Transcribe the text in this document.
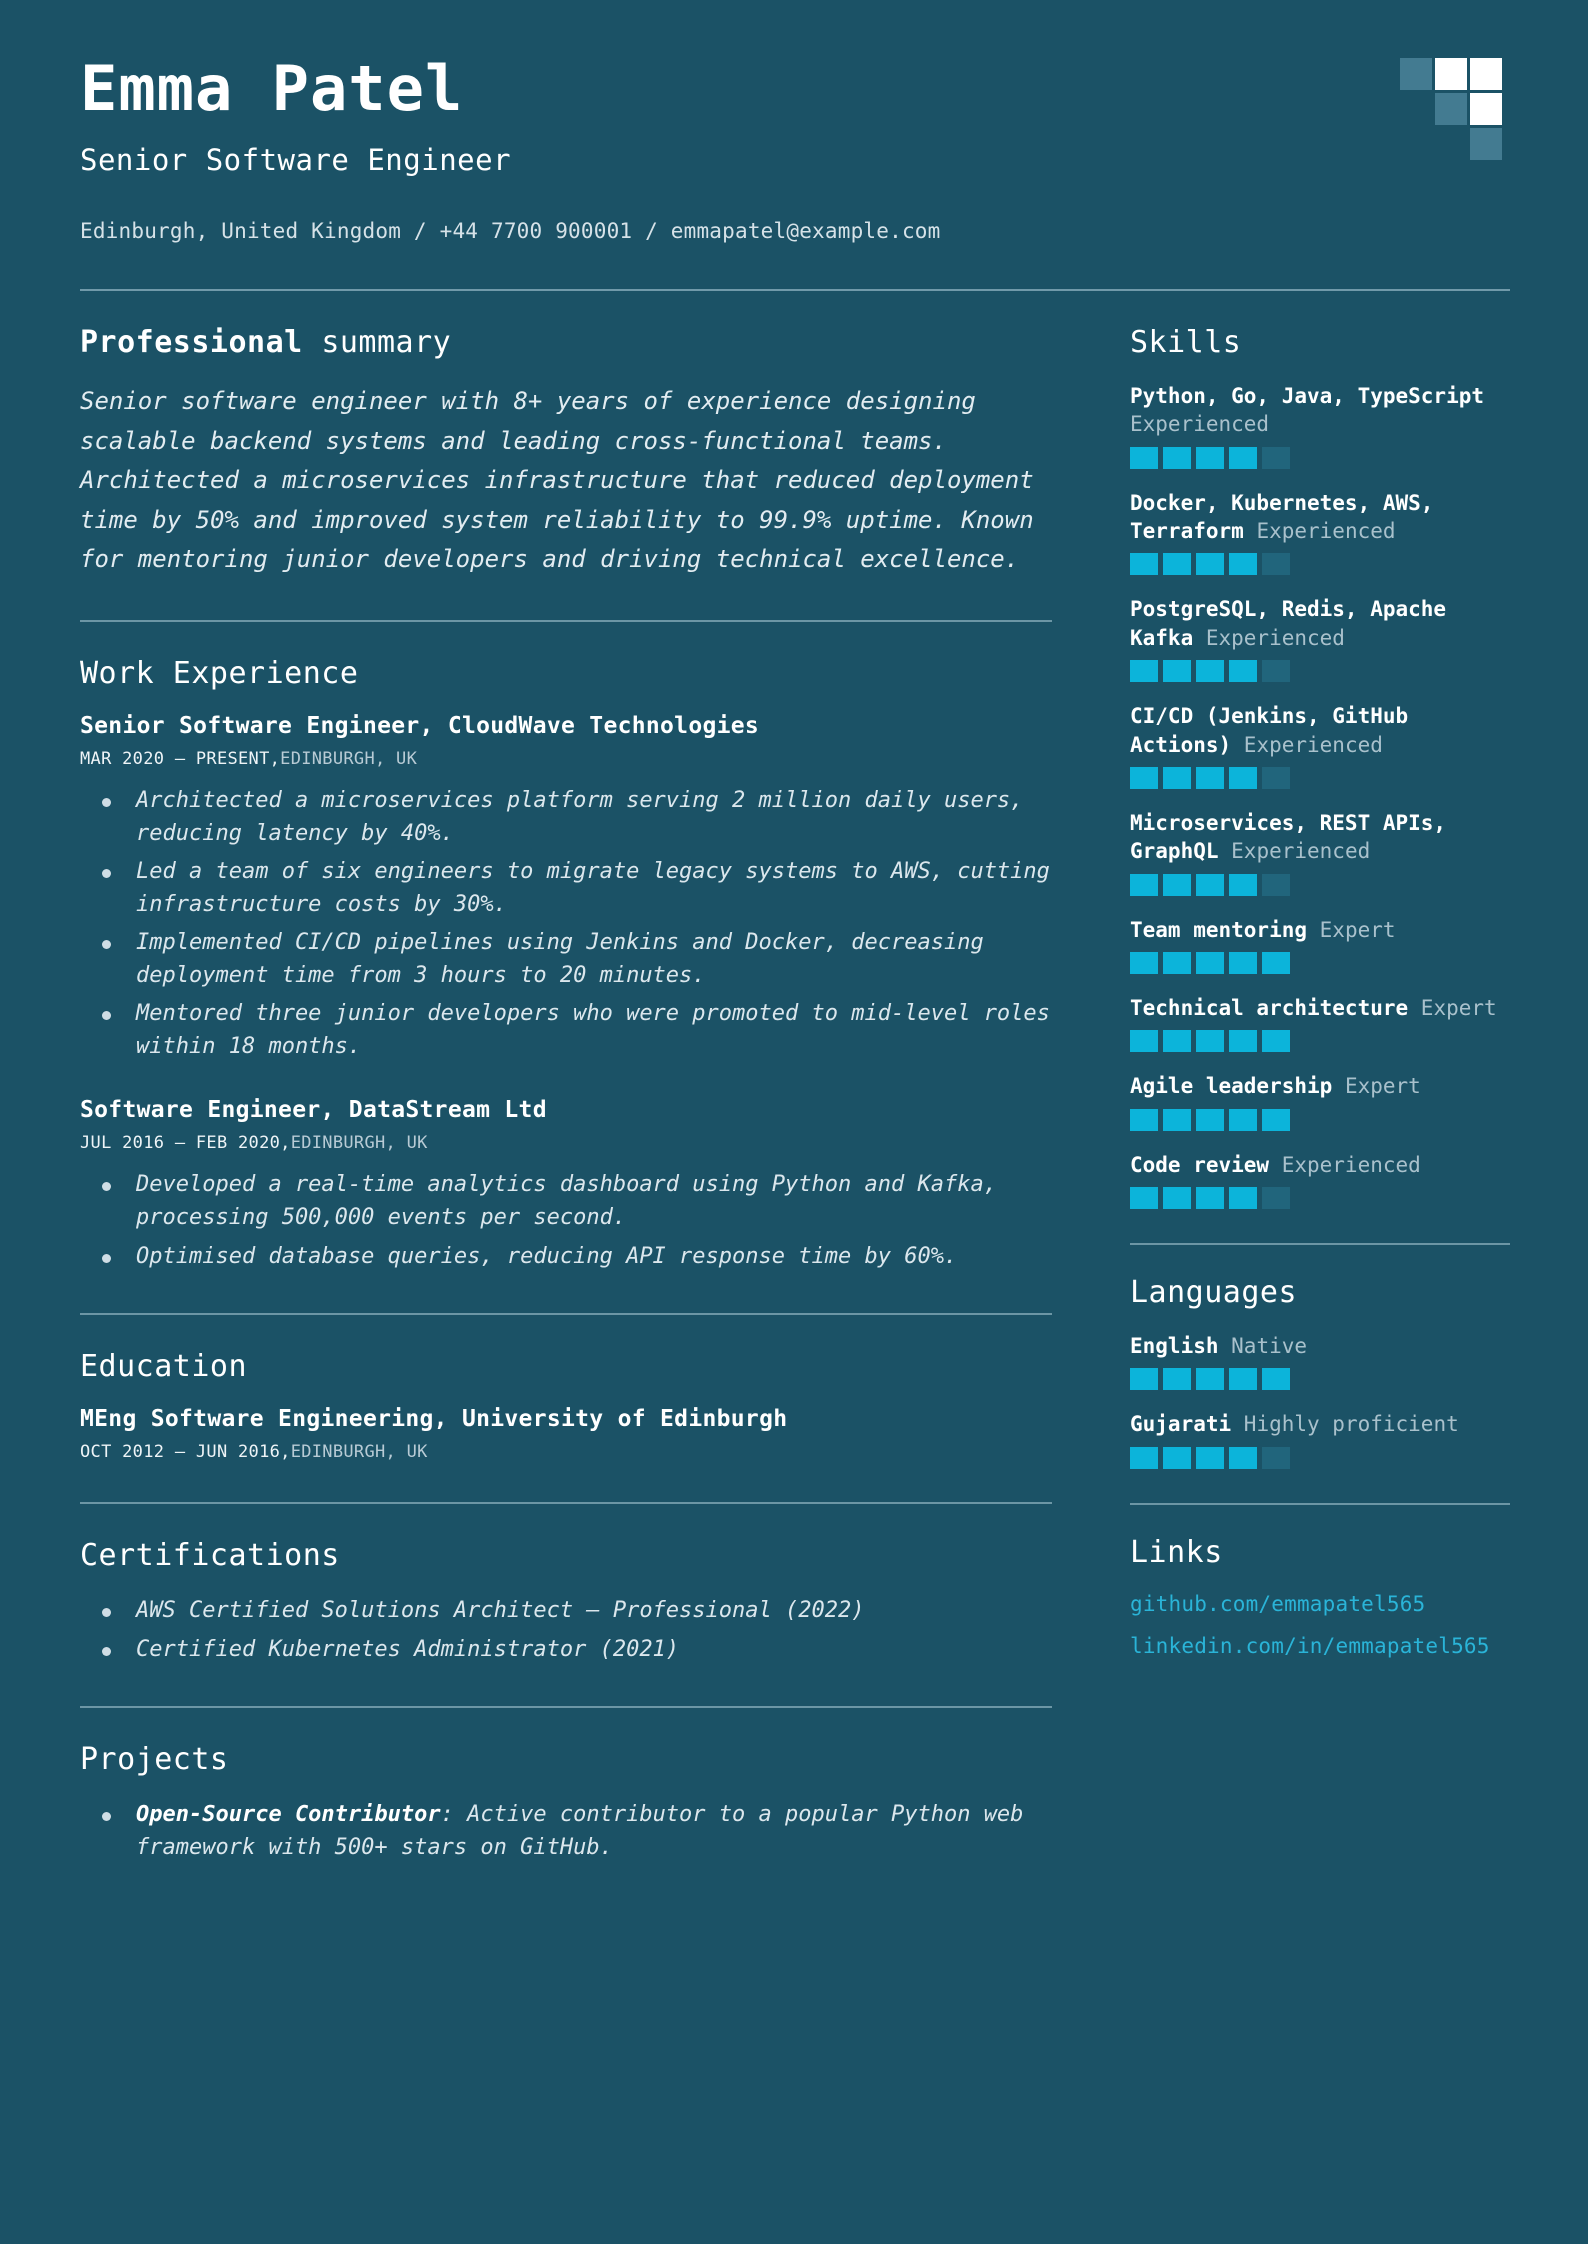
Emma Patel
Senior Software Engineer
Edinburgh, United Kingdom / +44 7700 900001 / emmapatel@example.com
Professional summary

Senior software engineer with 8+ years of experience designing scalable backend systems and leading cross-functional teams. Architected a microservices infrastructure that reduced deployment time by 50% and improved system reliability to 99.9% uptime. Known for mentoring junior developers and driving technical excellence.

Work Experience
Senior Software Engineer, CloudWave Technologies
MAR 2020 – PRESENT,EDINBURGH, UK
Architected a microservices platform serving 2 million daily users, reducing latency by 40%.
Led a team of six engineers to migrate legacy systems to AWS, cutting infrastructure costs by 30%.
Implemented CI/CD pipelines using Jenkins and Docker, decreasing deployment time from 3 hours to 20 minutes.
Mentored three junior developers who were promoted to mid-level roles within 18 months.
Software Engineer, DataStream Ltd
JUL 2016 – FEB 2020,EDINBURGH, UK
Developed a real-time analytics dashboard using Python and Kafka, processing 500,000 events per second.
Optimised database queries, reducing API response time by 60%.
Education
MEng Software Engineering, University of Edinburgh
OCT 2012 – JUN 2016,EDINBURGH, UK
Certifications
AWS Certified Solutions Architect – Professional (2022)
Certified Kubernetes Administrator (2021)
Projects
Open-Source Contributor: Active contributor to a popular Python web framework with 500+ stars on GitHub.
Skills
Python, Go, Java, TypeScript Experienced
Docker, Kubernetes, AWS, Terraform Experienced
PostgreSQL, Redis, Apache Kafka Experienced
CI/CD (Jenkins, GitHub Actions) Experienced
Microservices, REST APIs, GraphQL Experienced
Team mentoring Expert
Technical architecture Expert
Agile leadership Expert
Code review Experienced
Languages
English Native
Gujarati Highly proficient
Links
github.com/emmapatel565
linkedin.com/in/emmapatel565
